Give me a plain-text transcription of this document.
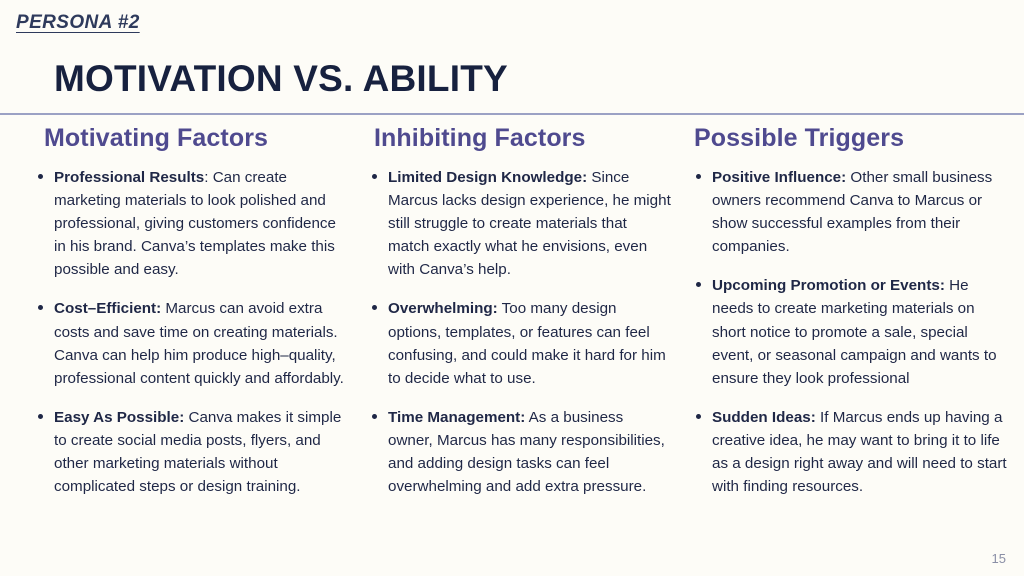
PERSONA #2
MOTIVATION VS. ABILITY
Motivating Factors
Professional Results: Can create marketing materials to look polished and professional, giving customers confidence in his brand. Canva’s templates make this possible and easy.
Cost–Efficient: Marcus can avoid extra costs and save time on creating materials. Canva can help him produce high–quality, professional content quickly and affordably.
Easy As Possible: Canva makes it simple to create social media posts, flyers, and other marketing materials without complicated steps or design training.
Inhibiting Factors
Limited Design Knowledge: Since Marcus lacks design experience, he might still struggle to create materials that match exactly what he envisions, even with Canva’s help.
Overwhelming: Too many design options, templates, or features can feel confusing, and could make it hard for him to decide what to use.
Time Management: As a business owner, Marcus has many responsibilities, and adding design tasks can feel overwhelming and add extra pressure.
Possible Triggers
Positive Influence: Other small business owners recommend Canva to Marcus or show successful examples from their companies.
Upcoming Promotion or Events: He needs to create marketing materials on short notice to promote a sale, special event, or seasonal campaign and wants to ensure they look professional
Sudden Ideas: If Marcus ends up having a creative idea, he may want to bring it to life as a design right away and will need to start with finding resources.
15
